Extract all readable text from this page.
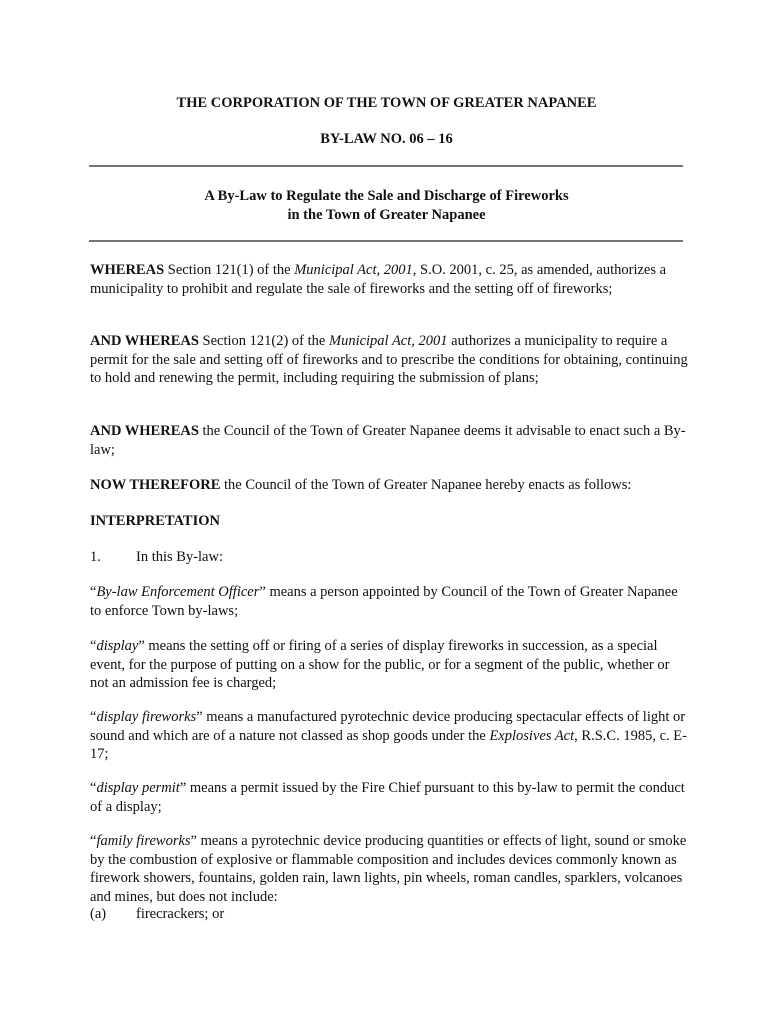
THE CORPORATION OF THE TOWN OF GREATER NAPANEE
BY-LAW NO. 06 – 16
A By-Law to Regulate the Sale and Discharge of Fireworks
in the Town of Greater Napanee
WHEREAS Section 121(1) of the Municipal Act, 2001, S.O. 2001, c. 25, as amended, authorizes a municipality to prohibit and regulate the sale of fireworks and the setting off of fireworks;
AND WHEREAS Section 121(2) of the Municipal Act, 2001 authorizes a municipality to require a permit for the sale and setting off of fireworks and to prescribe the conditions for obtaining, continuing to hold and renewing the permit, including requiring the submission of plans;
AND WHEREAS the Council of the Town of Greater Napanee deems it advisable to enact such a By-law;
NOW THEREFORE the Council of the Town of Greater Napanee hereby enacts as follows:
INTERPRETATION
1. In this By-law:
“By-law Enforcement Officer” means a person appointed by Council of the Town of Greater Napanee to enforce Town by-laws;
“display” means the setting off or firing of a series of display fireworks in succession, as a special event, for the purpose of putting on a show for the public, or for a segment of the public, whether or not an admission fee is charged;
“display fireworks” means a manufactured pyrotechnic device producing spectacular effects of light or sound and which are of a nature not classed as shop goods under the Explosives Act, R.S.C. 1985, c. E-17;
“display permit” means a permit issued by the Fire Chief pursuant to this by-law to permit the conduct of a display;
“family fireworks” means a pyrotechnic device producing quantities or effects of light, sound or smoke by the combustion of explosive or flammable composition and includes devices commonly known as firework showers, fountains, golden rain, lawn lights, pin wheels, roman candles, sparklers, volcanoes and mines, but does not include:
(a) firecrackers; or
